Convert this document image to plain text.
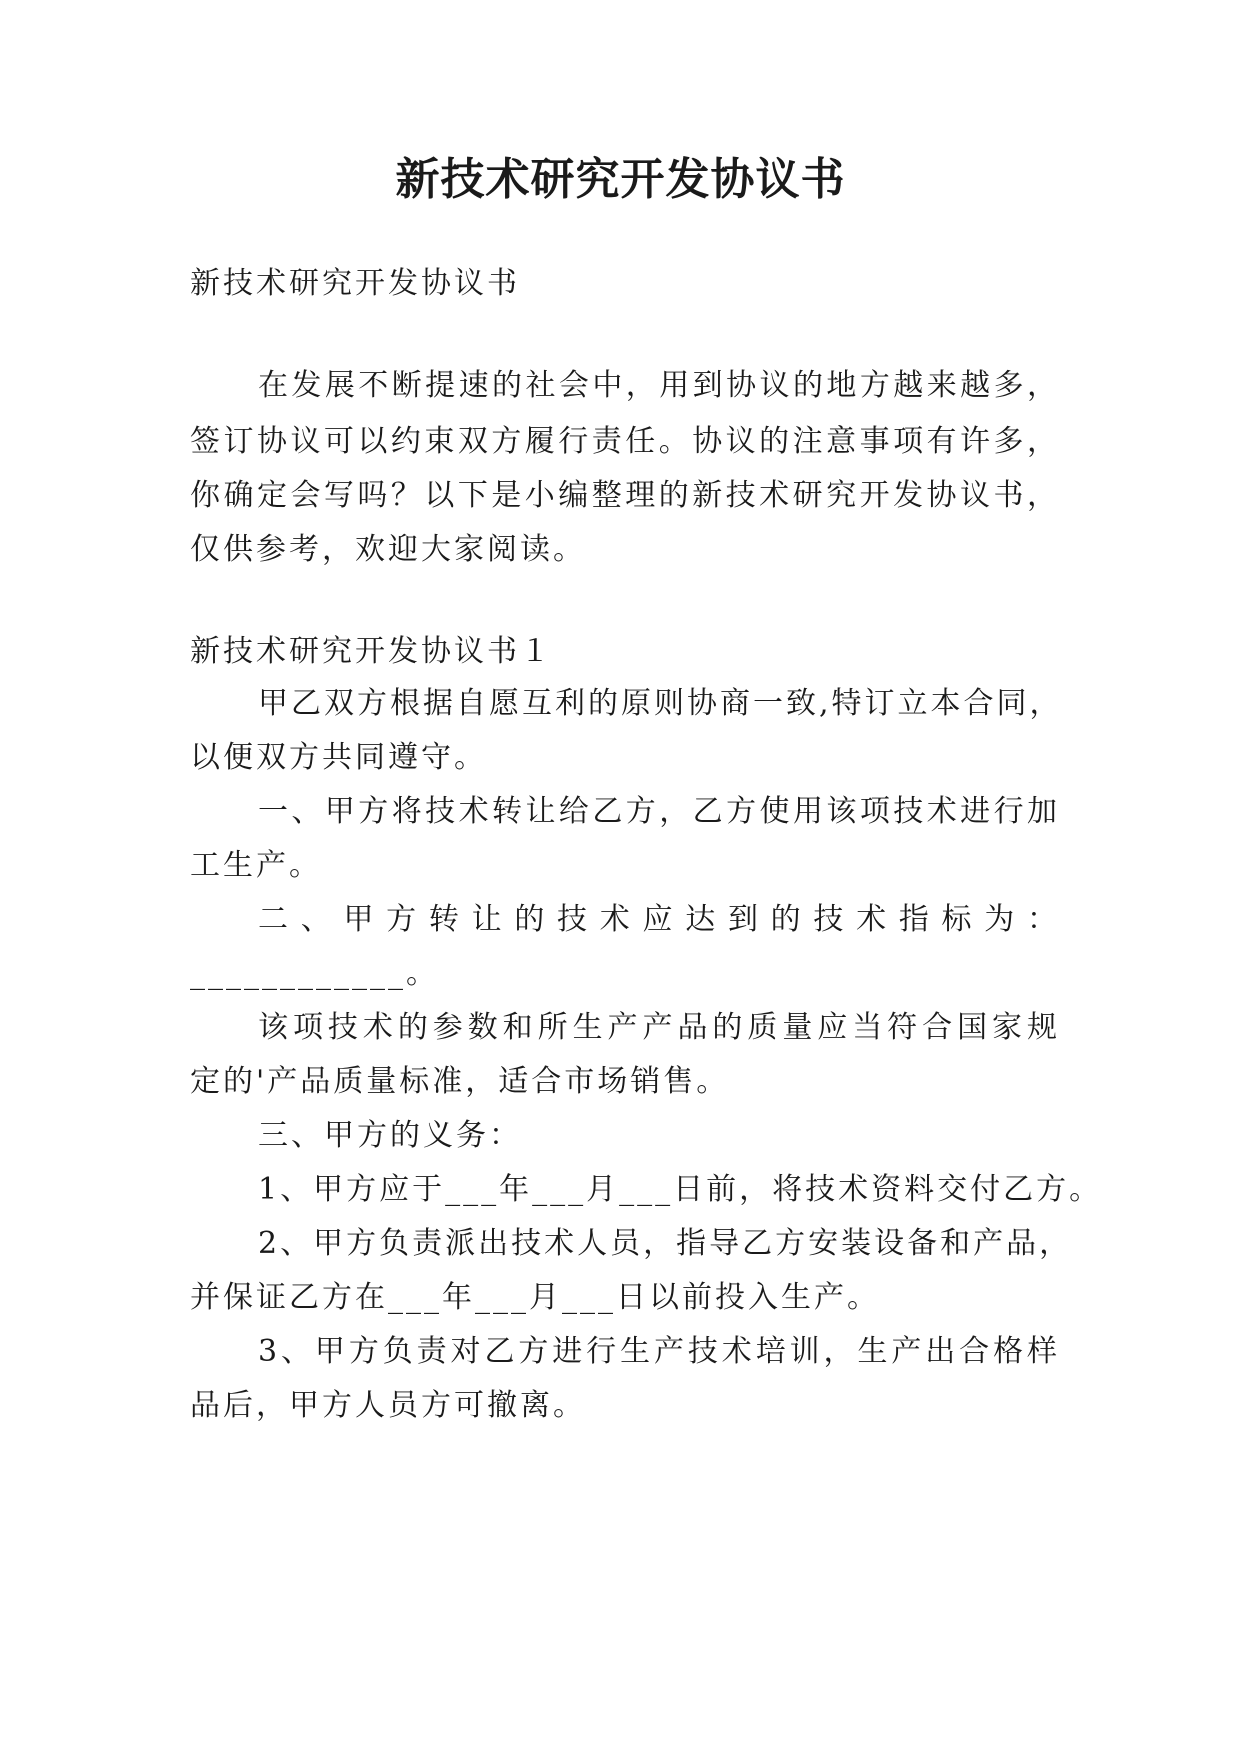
新技术研究开发协议书
新技术研究开发协议书
在发展不断提速的社会中，用到协议的地方越来越多，
签订协议可以约束双方履行责任。协议的注意事项有许多，
你确定会写吗？以下是小编整理的新技术研究开发协议书，
仅供参考，欢迎大家阅读。
新技术研究开发协议书１
甲乙双方根据自愿互利的原则协商一致,特订立本合同，
以便双方共同遵守。
一、甲方将技术转让给乙方，乙方使用该项技术进行加
工生产。
二、甲方转让的技术应达到的技术指标为：
____________。
该项技术的参数和所生产产品的质量应当符合国家规
定的'产品质量标准，适合市场销售。
三、甲方的义务：
1、甲方应于___年___月___日前，将技术资料交付乙方。
2、甲方负责派出技术人员，指导乙方安装设备和产品，
并保证乙方在___年___月___日以前投入生产。
3、甲方负责对乙方进行生产技术培训，生产出合格样
品后，甲方人员方可撤离。
